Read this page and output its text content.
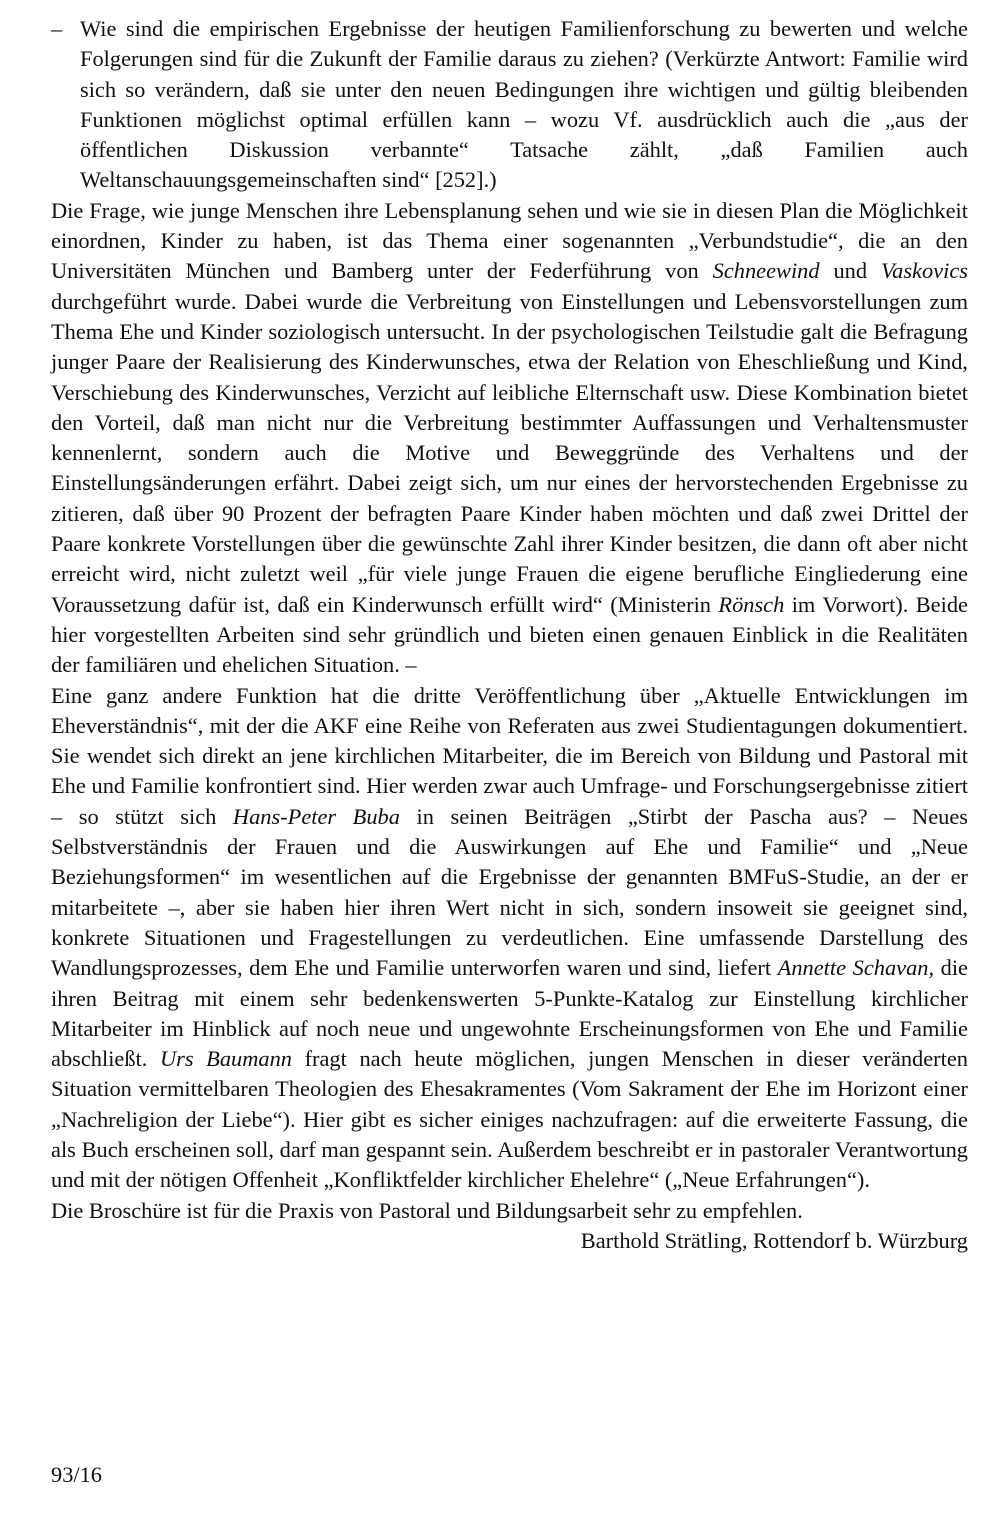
– Wie sind die empirischen Ergebnisse der heutigen Familienforschung zu bewerten und welche Folgerungen sind für die Zukunft der Familie daraus zu ziehen? (Verkürzte Antwort: Familie wird sich so verändern, daß sie unter den neuen Bedingungen ihre wichtigen und gültig bleibenden Funktionen möglichst optimal erfüllen kann – wozu Vf. ausdrücklich auch die „aus der öffentlichen Diskussion verbannte“ Tatsache zählt, „daß Familien auch Weltanschauungsgemeinschaften sind“ [252].)

Die Frage, wie junge Menschen ihre Lebensplanung sehen und wie sie in diesen Plan die Möglichkeit einordnen, Kinder zu haben, ist das Thema einer sogenannten „Verbundstudie“, die an den Universitäten München und Bamberg unter der Federführung von Schneewind und Vaskovics durchgeführt wurde. Dabei wurde die Verbreitung von Einstellungen und Lebensvorstellungen zum Thema Ehe und Kinder soziologisch untersucht. In der psychologischen Teilstudie galt die Befragung junger Paare der Realisierung des Kinderwunsches, etwa der Relation von Eheschließung und Kind, Verschiebung des Kinderwunsches, Verzicht auf leibliche Elternschaft usw. Diese Kombination bietet den Vorteil, daß man nicht nur die Verbreitung bestimmter Auffassungen und Verhaltensmuster kennenlernt, sondern auch die Motive und Beweggründe des Verhaltens und der Einstellungsänderungen erfährt. Dabei zeigt sich, um nur eines der hervorstechenden Ergebnisse zu zitieren, daß über 90 Prozent der befragten Paare Kinder haben möchten und daß zwei Drittel der Paare konkrete Vorstellungen über die gewünschte Zahl ihrer Kinder besitzen, die dann oft aber nicht erreicht wird, nicht zuletzt weil „für viele junge Frauen die eigene berufliche Eingliederung eine Voraussetzung dafür ist, daß ein Kinderwunsch erfüllt wird“ (Ministerin Rönsch im Vorwort). Beide hier vorgestellten Arbeiten sind sehr gründlich und bieten einen genauen Einblick in die Realitäten der familiären und ehelichen Situation. –

Eine ganz andere Funktion hat die dritte Veröffentlichung über „Aktuelle Entwicklungen im Eheverständnis“, mit der die AKF eine Reihe von Referaten aus zwei Studientagungen dokumentiert. Sie wendet sich direkt an jene kirchlichen Mitarbeiter, die im Bereich von Bildung und Pastoral mit Ehe und Familie konfrontiert sind. Hier werden zwar auch Umfrage- und Forschungsergebnisse zitiert – so stützt sich Hans-Peter Buba in seinen Beiträgen „Stirbt der Pascha aus? – Neues Selbstverständnis der Frauen und die Auswirkungen auf Ehe und Familie“ und „Neue Beziehungsformen“ im wesentlichen auf die Ergebnisse der genannten BMFuS-Studie, an der er mitarbeitete –, aber sie haben hier ihren Wert nicht in sich, sondern insoweit sie geeignet sind, konkrete Situationen und Fragestellungen zu verdeutlichen. Eine umfassende Darstellung des Wandlungsprozesses, dem Ehe und Familie unterworfen waren und sind, liefert Annette Schavan, die ihren Beitrag mit einem sehr bedenkenswerten 5-Punkte-Katalog zur Einstellung kirchlicher Mitarbeiter im Hinblick auf noch neue und ungewohnte Erscheinungsformen von Ehe und Familie abschließt. Urs Baumann fragt nach heute möglichen, jungen Menschen in dieser veränderten Situation vermittelbaren Theologien des Ehesakramentes (Vom Sakrament der Ehe im Horizont einer „Nachreligion der Liebe“). Hier gibt es sicher einiges nachzufragen: auf die erweiterte Fassung, die als Buch erscheinen soll, darf man gespannt sein. Außerdem beschreibt er in pastoraler Verantwortung und mit der nötigen Offenheit „Konfliktfelder kirchlicher Ehelehre“ („Neue Erfahrungen“).

Die Broschüre ist für die Praxis von Pastoral und Bildungsarbeit sehr zu empfehlen.

Barthold Strätling, Rottendorf b. Würzburg

93/16
